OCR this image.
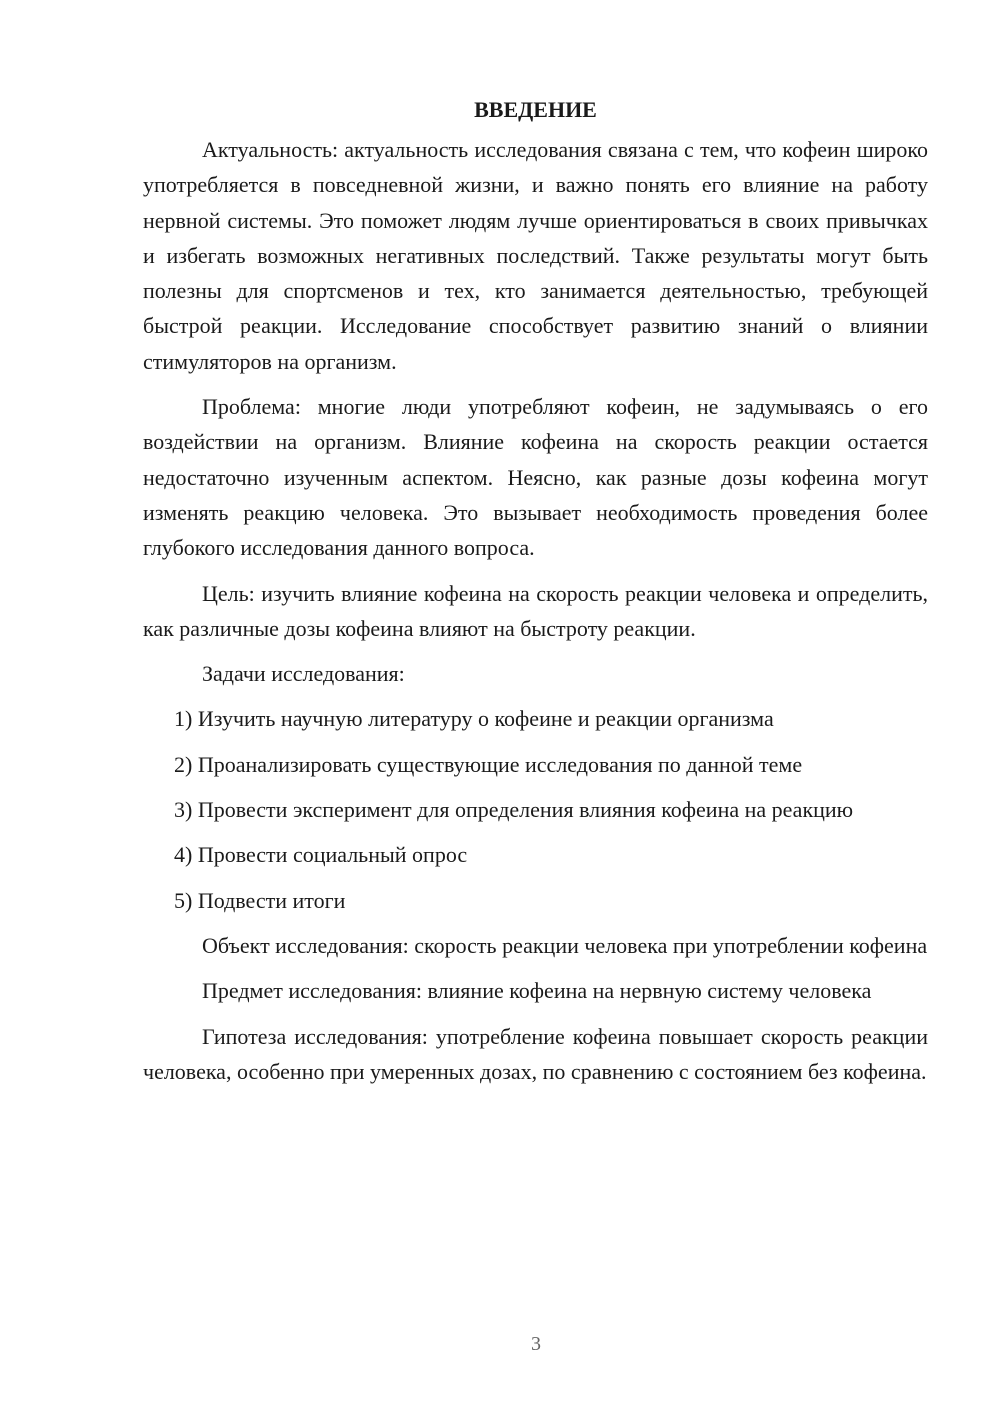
ВВЕДЕНИЕ

Актуальность: актуальность исследования связана с тем, что кофеин широко употребляется в повседневной жизни, и важно понять его влияние на работу нервной системы. Это поможет людям лучше ориентироваться в своих привычках и избегать возможных негативных последствий. Также результаты могут быть полезны для спортсменов и тех, кто занимается деятельностью, требующей быстрой реакции. Исследование способствует развитию знаний о влиянии стимуляторов на организм.

Проблема: многие люди употребляют кофеин, не задумываясь о его воздействии на организм. Влияние кофеина на скорость реакции остается недостаточно изученным аспектом. Неясно, как разные дозы кофеина могут изменять реакцию человека. Это вызывает необходимость проведения более глубокого исследования данного вопроса.

Цель: изучить влияние кофеина на скорость реакции человека и определить, как различные дозы кофеина влияют на быстроту реакции.

Задачи исследования:

1) Изучить научную литературу о кофеине и реакции организма

2) Проанализировать существующие исследования по данной теме

3) Провести эксперимент для определения влияния кофеина на реакцию

4) Провести социальный опрос

5) Подвести итоги

Объект исследования: скорость реакции человека при употреблении кофеина

Предмет исследования: влияние кофеина на нервную систему человека

Гипотеза исследования: употребление кофеина повышает скорость реакции человека, особенно при умеренных дозах, по сравнению с состоянием без кофеина.

3
